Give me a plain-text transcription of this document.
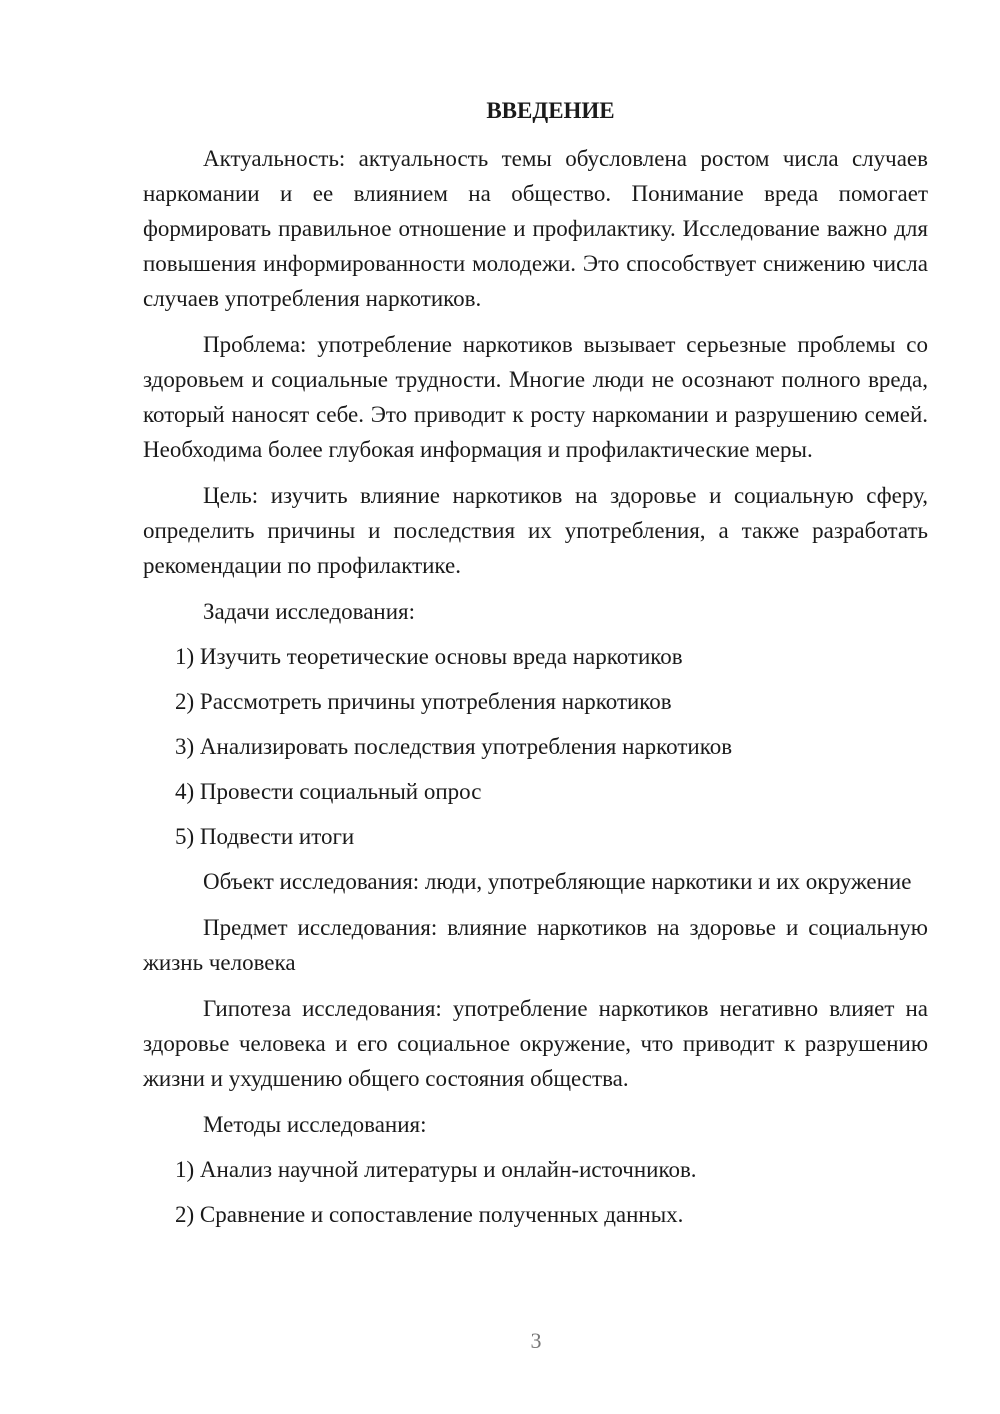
ВВЕДЕНИЕ

Актуальность: актуальность темы обусловлена ростом числа случаев наркомании и ее влиянием на общество. Понимание вреда помогает формировать правильное отношение и профилактику. Исследование важно для повышения информированности молодежи. Это способствует снижению числа случаев употребления наркотиков.

Проблема: употребление наркотиков вызывает серьезные проблемы со здоровьем и социальные трудности. Многие люди не осознают полного вреда, который наносят себе. Это приводит к росту наркомании и разрушению семей. Необходима более глубокая информация и профилактические меры.

Цель: изучить влияние наркотиков на здоровье и социальную сферу, определить причины и последствия их употребления, а также разработать рекомендации по профилактике.

Задачи исследования:

1) Изучить теоретические основы вреда наркотиков
2) Рассмотреть причины употребления наркотиков
3) Анализировать последствия употребления наркотиков
4) Провести социальный опрос
5) Подвести итоги

Объект исследования: люди, употребляющие наркотики и их окружение

Предмет исследования: влияние наркотиков на здоровье и социальную жизнь человека

Гипотеза исследования: употребление наркотиков негативно влияет на здоровье человека и его социальное окружение, что приводит к разрушению жизни и ухудшению общего состояния общества.

Методы исследования:

1) Анализ научной литературы и онлайн-источников.
2) Сравнение и сопоставление полученных данных.
3
